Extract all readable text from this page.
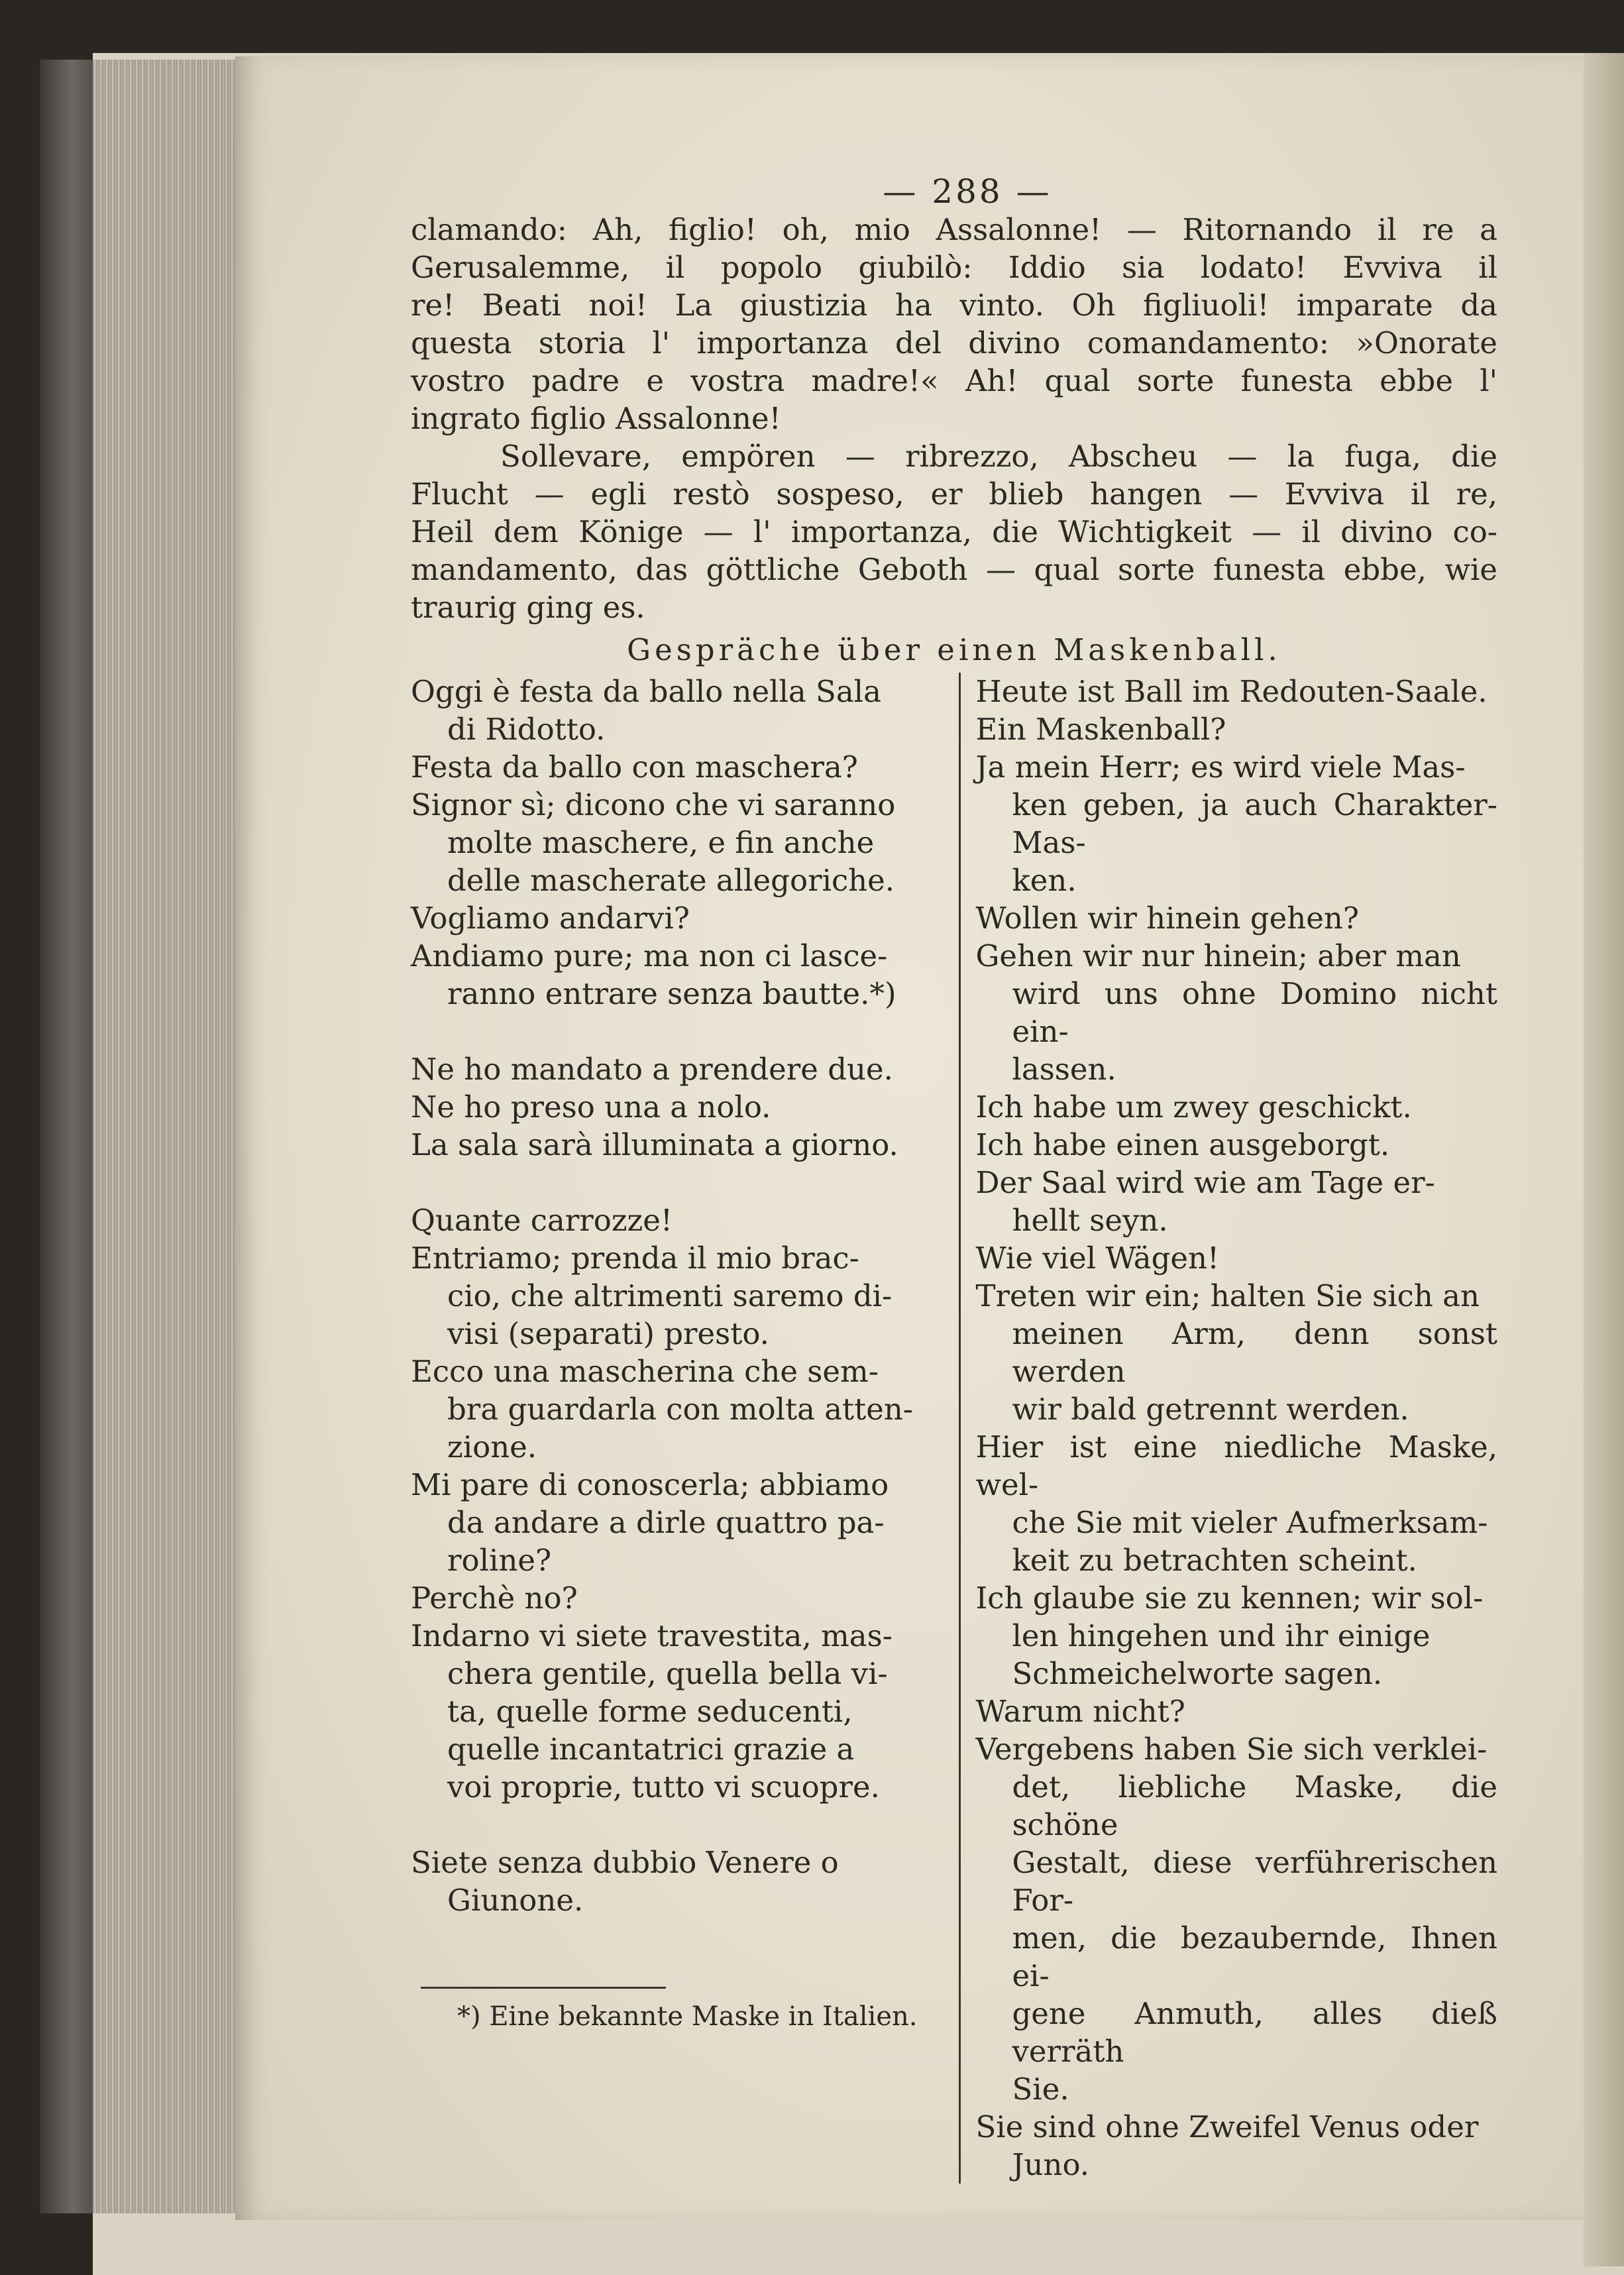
— 288 —

clamando: Ah, figlio! oh, mio Assalonne! — Ritornando il re a

Gerusalemme, il popolo giubilò: Iddio sia lodato! Evviva il

re! Beati noi! La giustizia ha vinto. Oh figliuoli! imparate da

questa storia l' importanza del divino comandamento: »Onorate

vostro padre e vostra madre!« Ah! qual sorte funesta ebbe l'

ingrato figlio Assalonne!

Sollevare, empören — ribrezzo, Abscheu — la fuga, die

Flucht — egli restò sospeso, er blieb hangen — Evviva il re,

Heil dem Könige — l' importanza, die Wichtigkeit — il divino co-

mandamento, das göttliche Geboth — qual sorte funesta ebbe, wie

traurig ging es.

Gespräche über einen Maskenball.
Oggi è festa da ballo nella Sala
di Ridotto.
Festa da ballo con maschera?
Signor sì; dicono che vi saranno
molte maschere, e fin anche
delle mascherate allegoriche.
Vogliamo andarvi?
Andiamo pure; ma non ci lasce-
ranno entrare senza bautte.*)
Ne ho mandato a prendere due.
Ne ho preso una a nolo.
La sala sarà illuminata a giorno.
Quante carrozze!
Entriamo; prenda il mio brac-
cio, che altrimenti saremo di-
visi (separati) presto.
Ecco una mascherina che sem-
bra guardarla con molta atten-
zione.
Mi pare di conoscerla; abbiamo
da andare a dirle quattro pa-
roline?
Perchè no?
Indarno vi siete travestita, mas-
chera gentile, quella bella vi-
ta, quelle forme seducenti,
quelle incantatrici grazie a
voi proprie, tutto vi scuopre.
Siete senza dubbio Venere o
Giunone.
Heute ist Ball im Redouten-Saale.
Ein Maskenball?
Ja mein Herr; es wird viele Mas-
ken geben, ja auch Charakter-Mas-
ken.
Wollen wir hinein gehen?
Gehen wir nur hinein; aber man
wird uns ohne Domino nicht ein-
lassen.
Ich habe um zwey geschickt.
Ich habe einen ausgeborgt.
Der Saal wird wie am Tage er-
hellt seyn.
Wie viel Wägen!
Treten wir ein; halten Sie sich an
meinen Arm, denn sonst werden
wir bald getrennt werden.
Hier ist eine niedliche Maske, wel-
che Sie mit vieler Aufmerksam-
keit zu betrachten scheint.
Ich glaube sie zu kennen; wir sol-
len hingehen und ihr einige
Schmeichelworte sagen.
Warum nicht?
Vergebens haben Sie sich verklei-
det, liebliche Maske, die schöne
Gestalt, diese verführerischen For-
men, die bezaubernde, Ihnen ei-
gene Anmuth, alles dieß verräth
Sie.
Sie sind ohne Zweifel Venus oder
Juno.
*) Eine bekannte Maske in Italien.
